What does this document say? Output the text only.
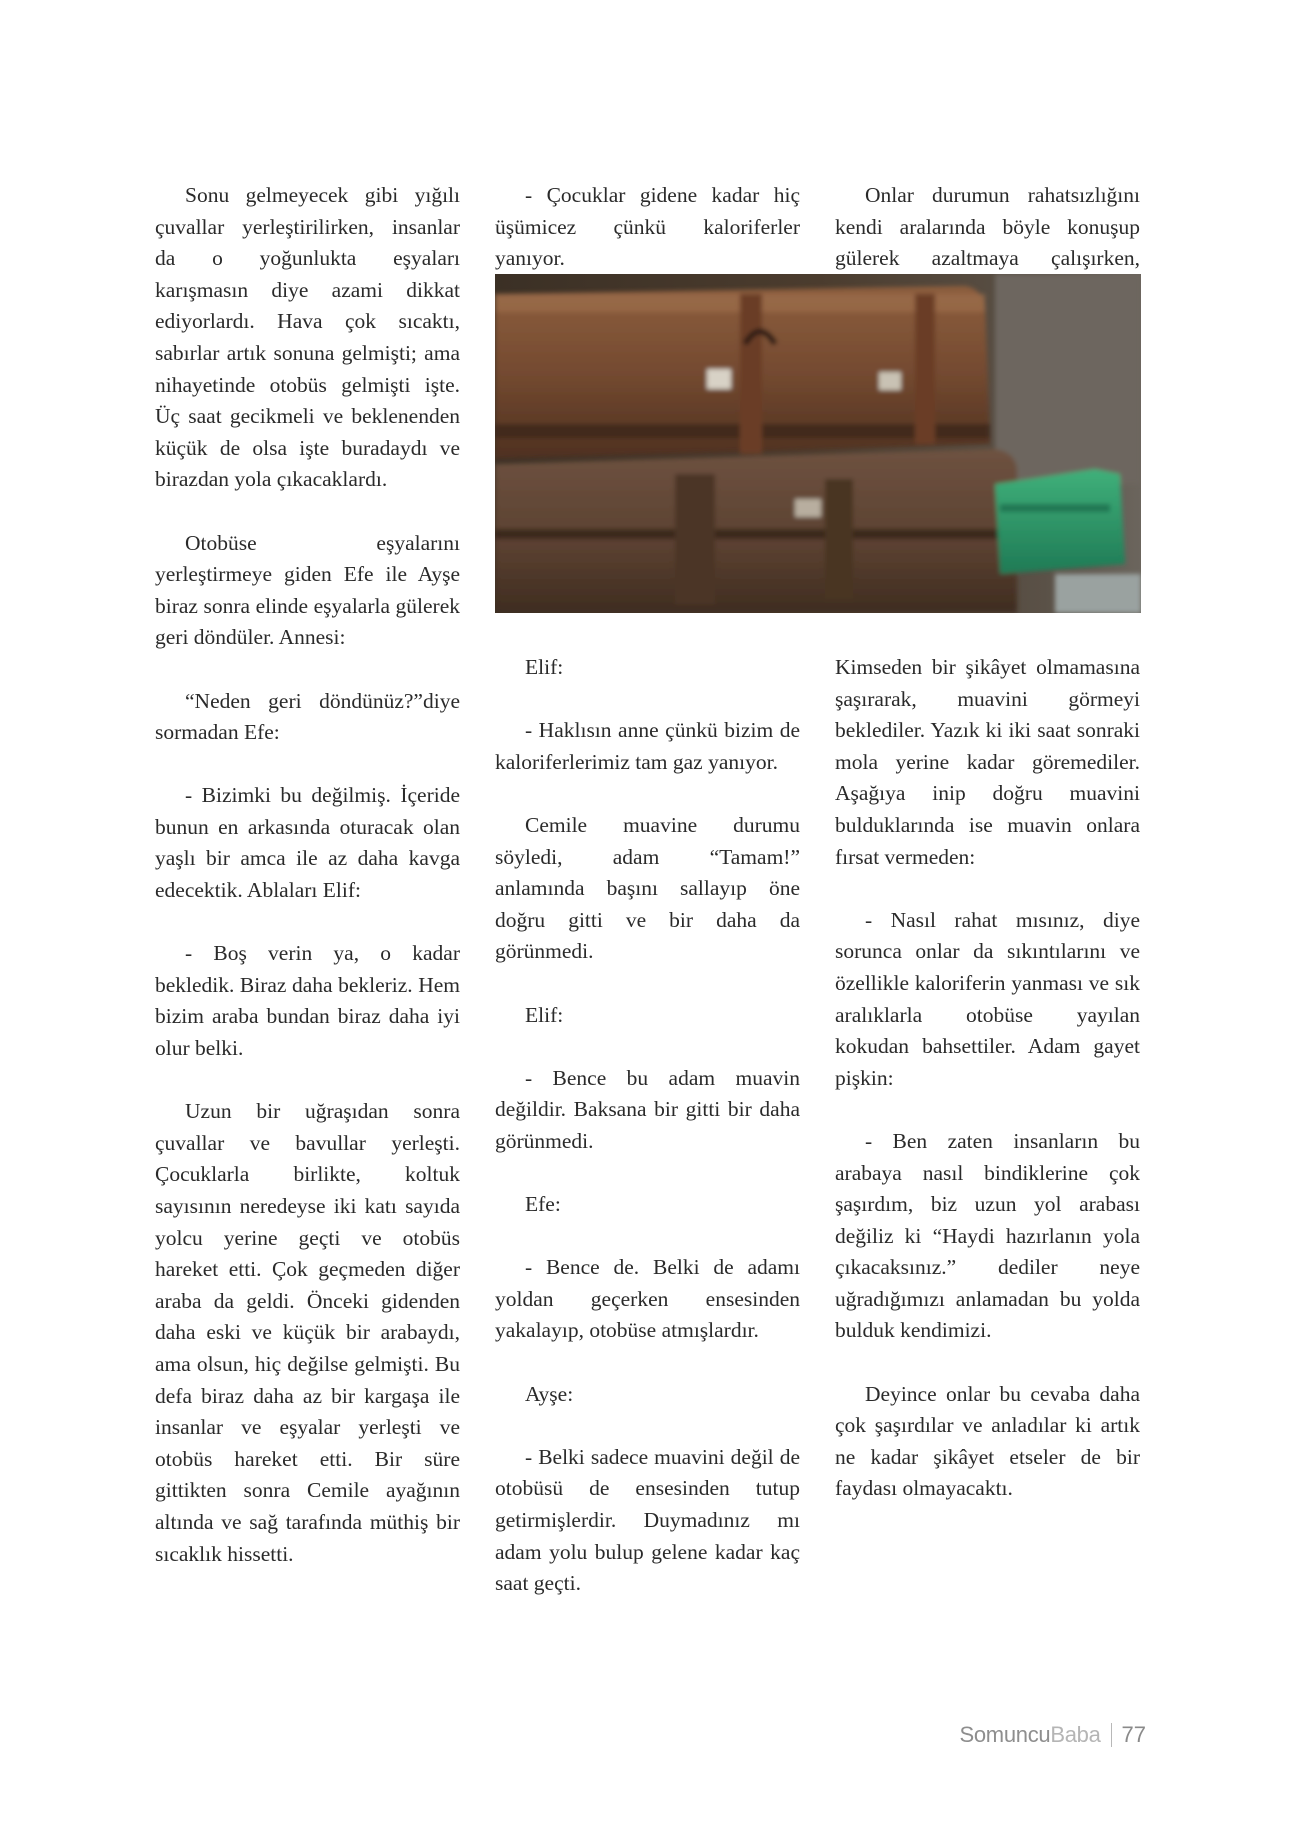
Sonu gelmeyecek gibi yığılı çuvallar yerleştirilirken, insanlar da o yoğunlukta eşyaları karışmasın diye azami dikkat ediyorlardı. Hava çok sıcaktı, sabırlar artık sonuna gelmişti; ama nihayetinde otobüs gelmişti işte. Üç saat gecikmeli ve beklenenden küçük de olsa işte buradaydı ve birazdan yola çıkacaklardı.

Otobüse eşyalarını yerleştirmeye giden Efe ile Ayşe biraz sonra elinde eşyalarla gülerek geri döndüler. Annesi:

“Neden geri döndünüz?”diye sormadan Efe:

- Bizimki bu değilmiş. İçeride bunun en arkasında oturacak olan yaşlı bir amca ile az daha kavga edecektik. Ablaları Elif:

- Boş verin ya, o kadar bekledik. Biraz daha bekleriz. Hem bizim araba bundan biraz daha iyi olur belki.

Uzun bir uğraşıdan sonra çuvallar ve bavullar yerleşti. Çocuklarla birlikte, koltuk sayısının neredeyse iki katı sayıda yolcu yerine geçti ve otobüs hareket etti. Çok geçmeden diğer araba da geldi. Önceki gidenden daha eski ve küçük bir arabaydı, ama olsun, hiç değilse gelmişti. Bu defa biraz daha az bir kargaşa ile insanlar ve eşyalar yerleşti ve otobüs hareket etti. Bir süre gittikten sonra Cemile ayağının altında ve sağ tarafında müthiş bir sıcaklık hissetti.

- Çocuklar gidene kadar hiç üşümicez çünkü kaloriferler yanıyor.

Onlar durumun rahatsızlığını kendi aralarında böyle konuşup gülerek azaltmaya çalışırken,

Elif:

- Haklısın anne çünkü bizim de kaloriferlerimiz tam gaz yanıyor.

Cemile muavine durumu söyledi, adam “Tamam!” anlamında başını sallayıp öne doğru gitti ve bir daha da görünmedi.

Elif:

- Bence bu adam muavin değildir. Baksana bir gitti bir daha görünmedi.

Efe:

- Bence de. Belki de adamı yoldan geçerken ensesinden yakalayıp, otobüse atmışlardır.

Ayşe:

- Belki sadece muavini değil de otobüsü de ensesinden tutup getirmişlerdir. Duymadınız mı adam yolu bulup gelene kadar kaç saat geçti.

Kimseden bir şikâyet olmamasına şaşırarak, muavini görmeyi beklediler. Yazık ki iki saat sonraki mola yerine kadar göremediler. Aşağıya inip doğru muavini bulduklarında ise muavin onlara fırsat vermeden:

- Nasıl rahat mısınız, diye sorunca onlar da sıkıntılarını ve özellikle kaloriferin yanması ve sık aralıklarla otobüse yayılan kokudan bahsettiler. Adam gayet pişkin:

- Ben zaten insanların bu arabaya nasıl bindiklerine çok şaşırdım, biz uzun yol arabası değiliz ki “Haydi hazırlanın yola çıkacaksınız.” dediler neye uğradığımızı anlamadan bu yolda bulduk kendimizi.

Deyince onlar bu cevaba daha çok şaşırdılar ve anladılar ki artık ne kadar şikâyet etseler de bir faydası olmayacaktı.

SomuncuBaba 77
